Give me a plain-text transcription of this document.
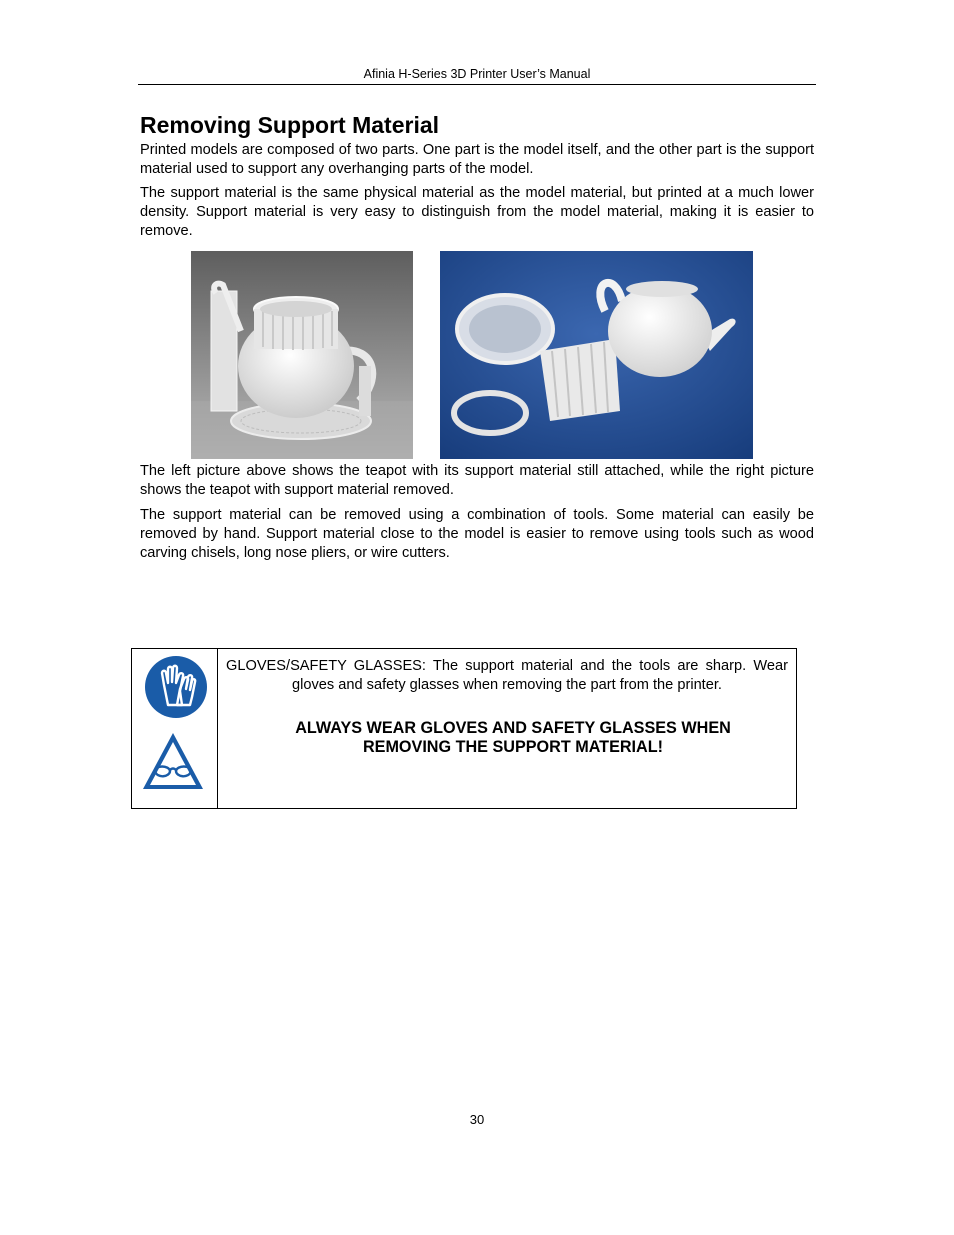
Afinia H-Series 3D Printer User’s Manual
Removing Support Material

Printed models are composed of two parts. One part is the model itself, and the other part is the support material used to support any overhanging parts of the model.

The support material is the same physical material as the model material, but printed at a much lower density. Support material is very easy to distinguish from the model material, making it is easier to remove.

The left picture above shows the teapot with its support material still attached, while the right picture shows the teapot with support material removed.

The support material can be removed using a combination of tools. Some material can easily be removed by hand. Support material close to the model is easier to remove using tools such as wood carving chisels, long nose pliers, or wire cutters.

GLOVES/SAFETY GLASSES: The support material and the tools are sharp. Wear gloves and safety glasses when removing the part from the printer.

ALWAYS WEAR GLOVES AND SAFETY GLASSES WHEN REMOVING THE SUPPORT MATERIAL!

30
